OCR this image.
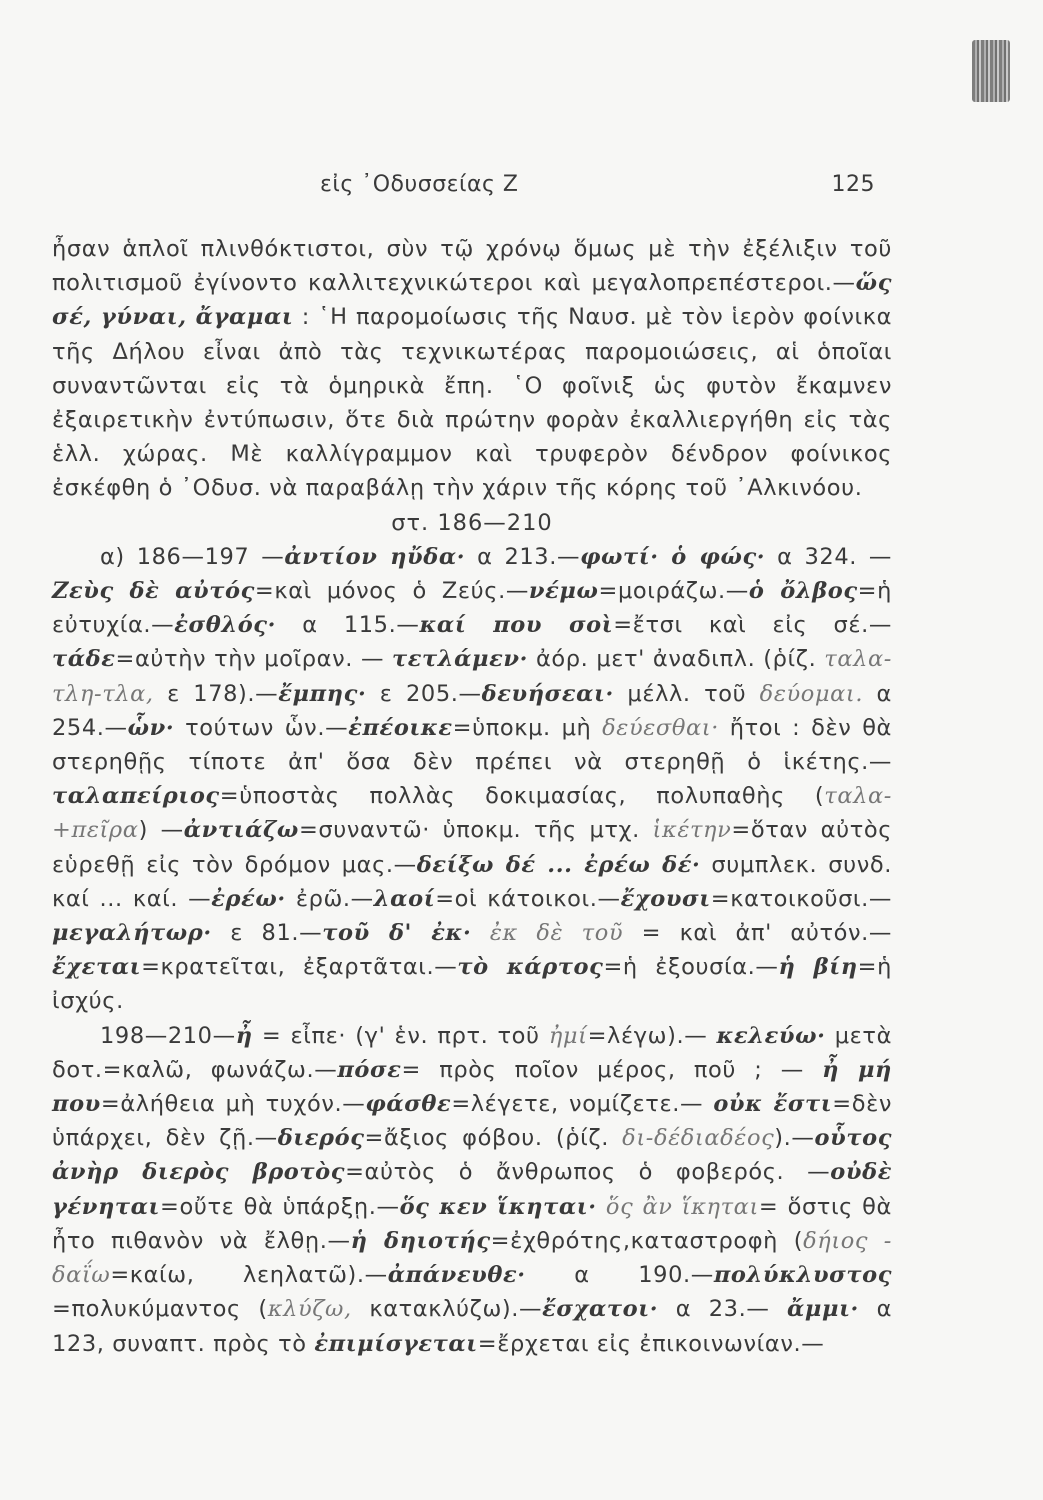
εἰς ᾿Οδυσσείας Ζ	125

ἦσαν ἁπλοῖ πλινθόκτιστοι, σὺν τῷ χρόνῳ ὅμως μὲ τὴν ἐξέλιξιν τοῦ πολιτισμοῦ ἐγίνοντο καλλιτεχνικώτεροι καὶ μεγαλοπρεπέστεροι.—ὥς σέ, γύναι, ἄγαμαι : ῾Η παρομοίωσις τῆς Ναυσ. μὲ τὸν ἱερὸν φοίνικα τῆς Δήλου εἶναι ἀπὸ τὰς τεχνικωτέρας παρομοιώσεις, αἱ ὁποῖαι συναντῶνται εἰς τὰ ὁμηρικὰ ἔπη. ῾Ο φοῖνιξ ὡς φυτὸν ἔκαμνεν ἐξαιρετικὴν ἐντύπωσιν, ὅτε διὰ πρώτην φορὰν ἐκαλλιεργήθη εἰς τὰς ἑλλ. χώρας. Μὲ καλλίγραμμον καὶ τρυφερὸν δένδρον φοίνικος ἐσκέφθη ὁ ᾿Οδυσ. νὰ παραβάλῃ τὴν χάριν τῆς κόρης τοῦ ᾿Αλκινόου.

στ. 186—210

α) 186—197 —ἀντίον ηὔδα· α 213.—φωτί· ὁ φώς· α 324. —Ζεὺς δὲ αὐτός=καὶ μόνος ὁ Ζεύς.—νέμω=μοιράζω.—ὁ ὄλβος=ἡ εὐτυχία.—ἐσθλός· α 115.—καί που σοὶ=ἔτσι καὶ εἰς σέ.—τάδε=αὐτὴν τὴν μοῖραν. — τετλάμεν· ἀόρ. μετ' ἀναδιπλ. (ῥίζ. ταλα-τλη-τλα, ε 178).—ἔμπης· ε 205.—δευήσεαι· μέλλ. τοῦ δεύομαι. α 254.—ὧν· τούτων ὧν.—ἐπέοικε=ὑποκμ. μὴ δεύεσθαι· ἤτοι : δὲν θὰ στερηθῇς τίποτε ἀπ' ὅσα δὲν πρέπει νὰ στερηθῇ ὁ ἱκέτης.—ταλαπείριος=ὑποστὰς πολλὰς δοκιμασίας, πολυπαθὴς (ταλα-+πεῖρα) —ἀντιάζω=συναντῶ· ὑποκμ. τῆς μτχ. ἱκέτην=ὅταν αὐτὸς εὑρεθῇ εἰς τὸν δρόμον μας.—δείξω δέ ... ἐρέω δέ· συμπλεκ. συνδ. καί ... καί. —ἐρέω· ἐρῶ.—λαοί=οἱ κάτοικοι.—ἔχουσι=κατοικοῦσι.—μεγαλήτωρ· ε 81.—τοῦ δ' ἐκ· ἐκ δὲ τοῦ = καὶ ἀπ' αὐτόν.—ἔχεται=κρατεῖται, ἐξαρτᾶται.—τὸ κάρτος=ἡ ἐξουσία.—ἡ βίη=ἡ ἰσχύς.

198—210—ἦ = εἶπε· (γ' ἑν. πρτ. τοῦ ἠμί=λέγω).— κελεύω· μετὰ δοτ.=καλῶ, φωνάζω.—πόσε= πρὸς ποῖον μέρος, ποῦ ; — ἦ μή που=ἀλήθεια μὴ τυχόν.—φάσθε=λέγετε, νομίζετε.— οὐκ ἔστι=δὲν ὑπάρχει, δὲν ζῇ.—διερός=ἄξιος φόβου. (ῥίζ. δι-δέδιαδέος).—οὗτος ἀνὴρ διερὸς βροτὸς=αὐτὸς ὁ ἄνθρωπος ὁ φοβερός. —οὐδὲ γένηται=οὔτε θὰ ὑπάρξῃ.—ὅς κεν ἵκηται· ὅς ἂν ἵκηται= ὅστις θὰ ἦτο πιθανὸν νὰ ἔλθῃ.—ἡ δηιοτής=ἐχθρότης,καταστροφὴ (δήιος - δαΐω=καίω, λεηλατῶ).—ἀπάνευθε· α 190.—πολύκλυστος =πολυκύμαντος (κλύζω, κατακλύζω).—ἔσχατοι· α 23.— ἄμμι· α 123, συναπτ. πρὸς τὸ ἐπιμίσγεται=ἔρχεται εἰς ἐπικοινωνίαν.—
